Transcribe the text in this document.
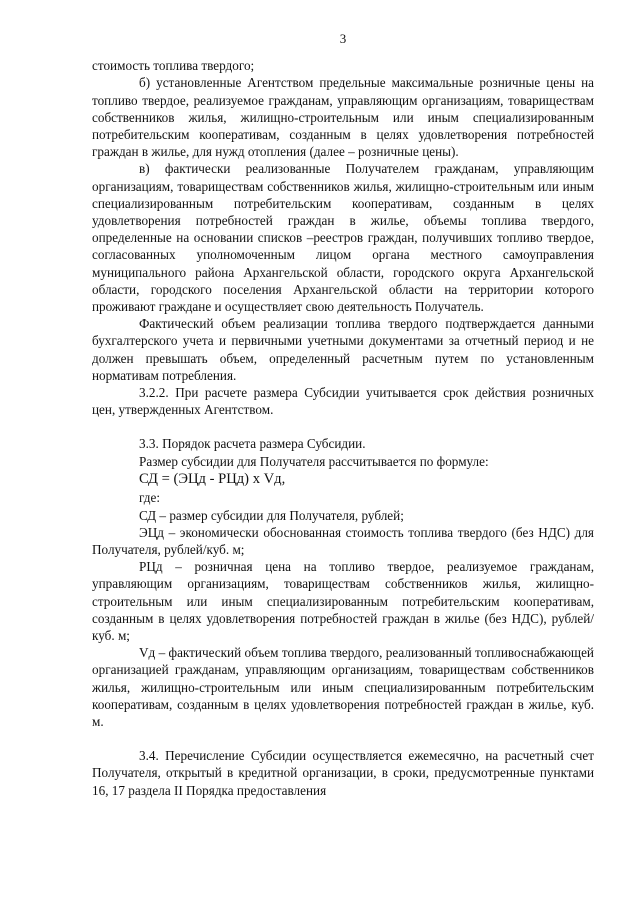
3

стоимость топлива твердого;

б) установленные Агентством предельные максимальные розничные цены на топливо твердое, реализуемое гражданам, управляющим организациям, товариществам собственников жилья, жилищно-строительным или иным специализированным потребительским кооперативам, созданным в целях удовлетворения потребностей граждан в жилье, для нужд отопления (далее – розничные цены).

в) фактически реализованные Получателем гражданам, управляющим организациям, товариществам собственников жилья, жилищно-строительным или иным специализированным потребительским кооперативам, созданным в целях удовлетворения потребностей граждан в жилье, объемы топлива твердого, определенные на основании списков –реестров граждан, получивших топливо твердое, согласованных уполномоченным лицом органа местного самоуправления муниципального района Архангельской области, городского округа Архангельской области, городского поселения Архангельской области на территории которого проживают граждане и осуществляет свою деятельность Получатель.

Фактический объем реализации топлива твердого подтверждается данными бухгалтерского учета и первичными учетными документами за отчетный период и не должен превышать объем, определенный расчетным путем по установленным нормативам потребления.

3.2.2. При расчете размера Субсидии учитывается срок действия розничных цен, утвержденных Агентством.

3.3. Порядок расчета размера Субсидии.

Размер субсидии для Получателя рассчитывается по формуле:

СД = (ЭЦд - РЦд) х Vд,

где:

СД – размер субсидии для Получателя, рублей;

ЭЦд – экономически обоснованная стоимость топлива твердого (без НДС) для Получателя, рублей/куб. м;

РЦд – розничная цена на топливо твердое, реализуемое гражданам, управляющим организациям, товариществам собственников жилья, жилищно-строительным или иным специализированным потребительским кооперативам, созданным в целях удовлетворения потребностей граждан в жилье (без НДС), рублей/куб. м;

Vд – фактический объем топлива твердого, реализованный топливоснабжающей организацией гражданам, управляющим организациям, товариществам собственников жилья, жилищно-строительным или иным специализированным потребительским кооперативам, созданным в целях удовлетворения потребностей граждан в жилье, куб. м.

3.4. Перечисление Субсидии осуществляется ежемесячно, на расчетный счет Получателя, открытый в кредитной организации, в сроки, предусмотренные пунктами 16, 17 раздела II Порядка предоставления
